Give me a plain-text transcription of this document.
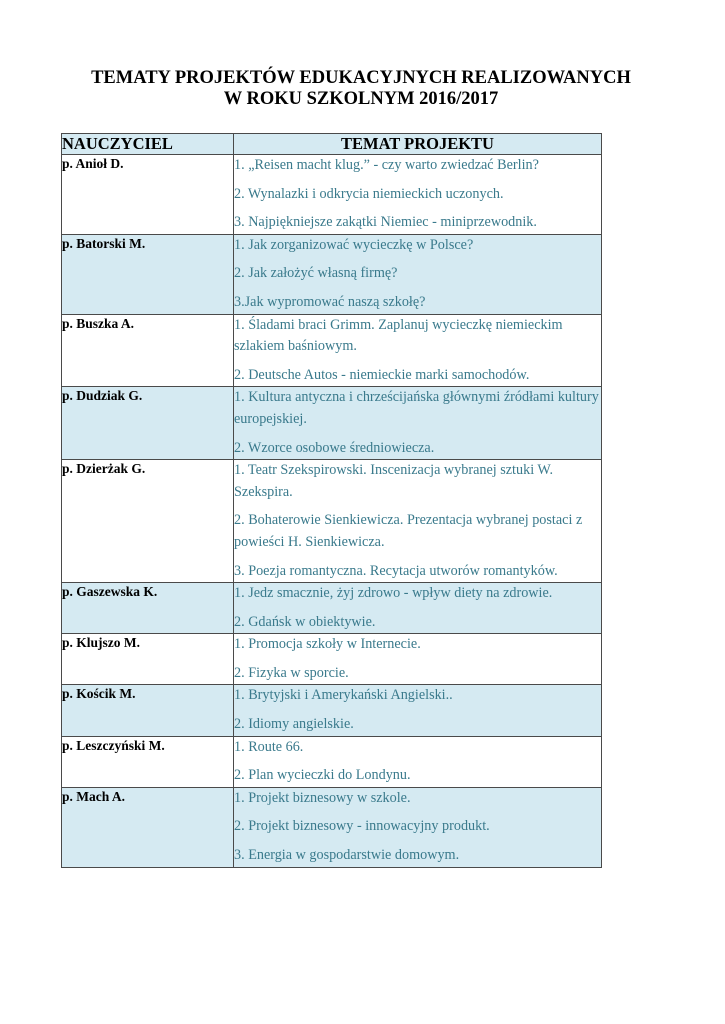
TEMATY PROJEKTÓW EDUKACYJNYCH REALIZOWANYCH
W ROKU SZKOLNYM 2016/2017
NAUCZYCIEL	TEMAT PROJEKTU
p. Anioł D.	1. „Reisen macht klug.” - czy warto zwiedzać Berlin?
2. Wynalazki i odkrycia niemieckich uczonych.
3. Najpiękniejsze zakątki Niemiec - miniprzewodnik.

p. Batorski M.	1. Jak zorganizować wycieczkę w Polsce?
2. Jak założyć własną firmę?
3.Jak wypromować naszą szkołę?

p. Buszka A.	1. Śladami braci Grimm. Zaplanuj wycieczkę niemieckim szlakiem baśniowym.
2. Deutsche Autos - niemieckie marki samochodów.

p. Dudziak G.	1. Kultura antyczna i chrześcijańska głównymi źródłami kultury europejskiej.
2. Wzorce osobowe średniowiecza.

p. Dzierżak G.	1. Teatr Szekspirowski. Inscenizacja wybranej sztuki W. Szekspira.
2. Bohaterowie Sienkiewicza. Prezentacja wybranej postaci z powieści H. Sienkiewicza.
3. Poezja romantyczna. Recytacja utworów romantyków.

p. Gaszewska K.	1. Jedz smacznie, żyj zdrowo - wpływ diety na zdrowie.
2. Gdańsk w obiektywie.

p. Klujszo M.	1. Promocja szkoły w Internecie.
2. Fizyka w sporcie.

p. Kościk M.	1. Brytyjski i Amerykański Angielski..
2. Idiomy angielskie.

p. Leszczyński M.	1. Route 66.
2. Plan wycieczki do Londynu.

p. Mach A.	1. Projekt biznesowy w szkole.
2. Projekt biznesowy - innowacyjny produkt.
3. Energia w gospodarstwie domowym.
